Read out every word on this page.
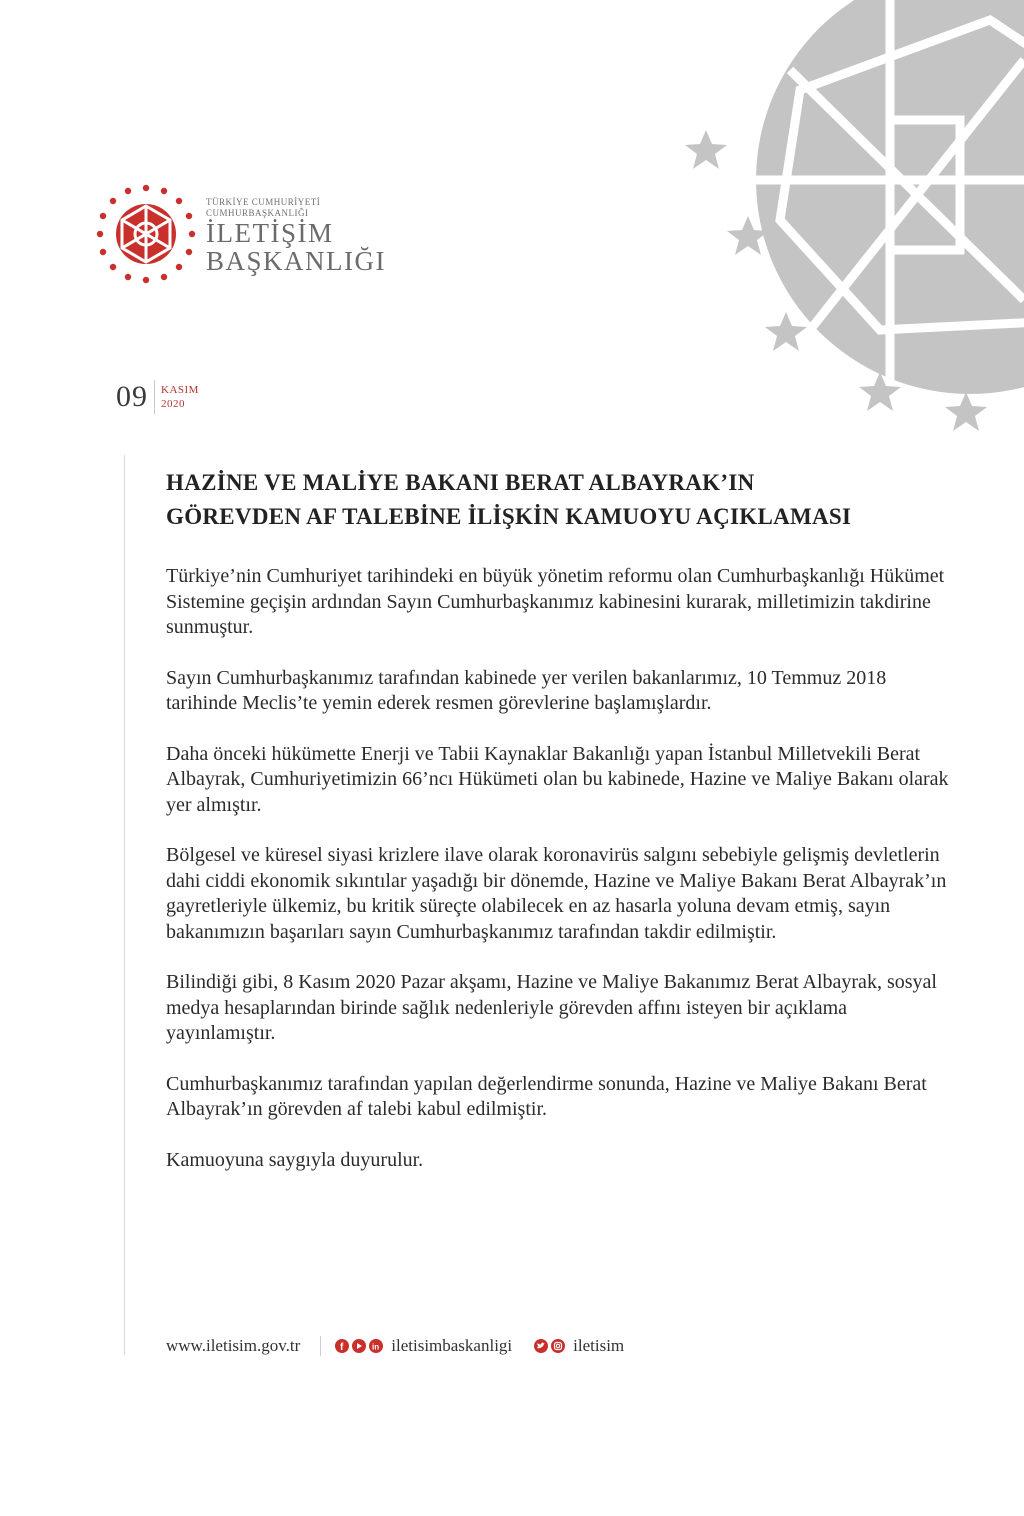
TÜRKİYE CUMHURİYETİ
CUMHURBAŞKANLIĞI
İLETİŞİM
BAŞKANLIĞI
09 KASIM
2020
HAZİNE VE MALİYE BAKANI BERAT ALBAYRAK’IN
GÖREVDEN AF TALEBİNE İLİŞKİN KAMUOYU AÇIKLAMASI

Türkiye’nin Cumhuriyet tarihindeki en büyük yönetim reformu olan Cumhurbaşkanlığı Hükümet Sistemine geçişin ardından Sayın Cumhurbaşkanımız kabinesini kurarak, milletimizin takdirine sunmuştur.

Sayın Cumhurbaşkanımız tarafından kabinede yer verilen bakanlarımız, 10 Temmuz 2018 tarihinde Meclis’te yemin ederek resmen görevlerine başlamışlardır.

Daha önceki hükümette Enerji ve Tabii Kaynaklar Bakanlığı yapan İstanbul Milletvekili Berat Albayrak, Cumhuriyetimizin 66’ncı Hükümeti olan bu kabinede, Hazine ve Maliye Bakanı olarak yer almıştır.

Bölgesel ve küresel siyasi krizlere ilave olarak koronavirüs salgını sebebiyle gelişmiş devletlerin dahi ciddi ekonomik sıkıntılar yaşadığı bir dönemde, Hazine ve Maliye Bakanı Berat Albayrak’ın gayretleriyle ülkemiz, bu kritik süreçte olabilecek en az hasarla yoluna devam etmiş, sayın bakanımızın başarıları sayın Cumhurbaşkanımız tarafından takdir edilmiştir.

Bilindiği gibi, 8 Kasım 2020 Pazar akşamı, Hazine ve Maliye Bakanımız Berat Albayrak, sosyal medya hesaplarından birinde sağlık nedenleriyle görevden affını isteyen bir açıklama yayınlamıştır.

Cumhurbaşkanımız tarafından yapılan değerlendirme sonunda, Hazine ve Maliye Bakanı Berat Albayrak’ın görevden af talebi kabul edilmiştir.

Kamuoyuna saygıyla duyurulur.

www.iletisim.gov.tr	f	in iletisimbaskanligi	iletisim
